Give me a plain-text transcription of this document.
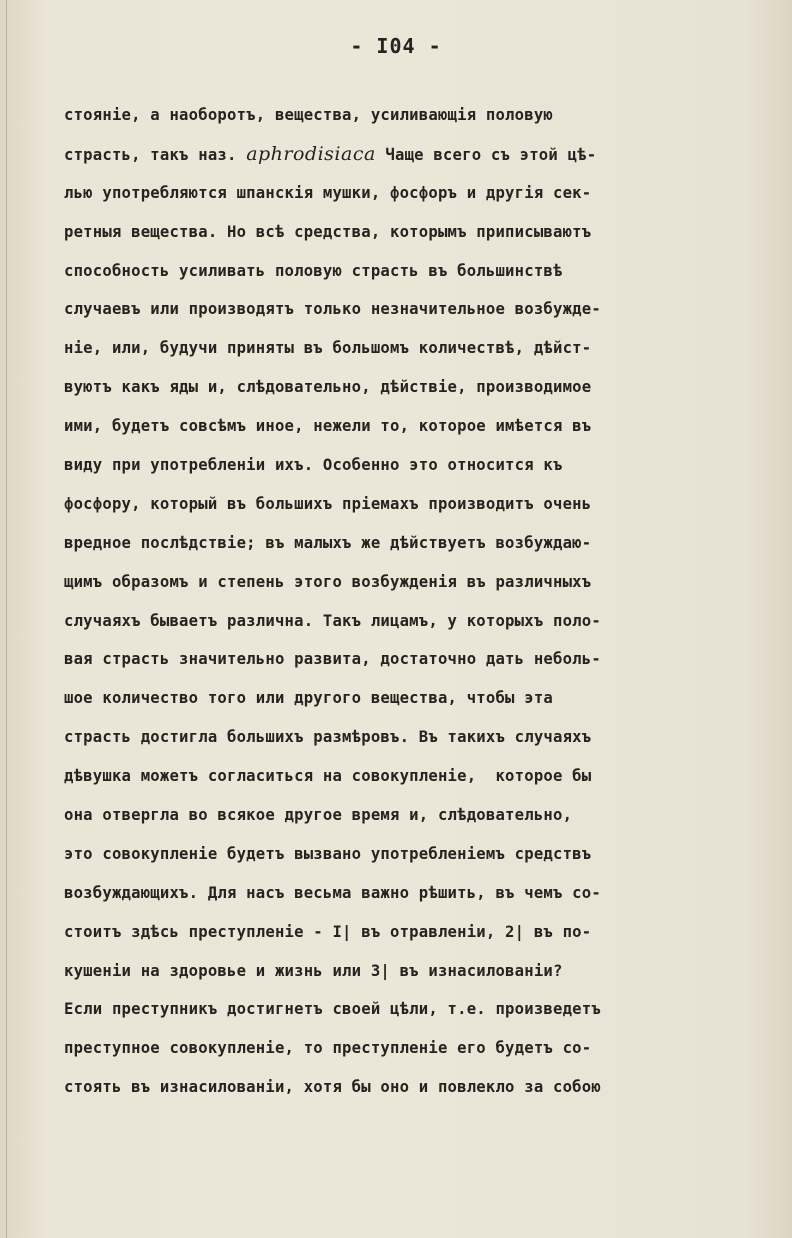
- I04 -
стояніе, а наоборотъ, вещества, усиливающія половую
страсть, такъ наз. aphrodisiaca Чаще всего съ этой цѣ-
лью употребляются шпанскія мушки, фосфоръ и другія сек-
ретныя вещества. Но всѣ средства, которымъ приписываютъ
способность усиливать половую страсть въ большинствѣ
случаевъ или производятъ только незначительное возбужде-
ніе, или, будучи приняты въ большомъ количествѣ, дѣйст-
вуютъ какъ яды и, слѣдовательно, дѣйствіе, производимое
ими, будетъ совсѣмъ иное, нежели то, которое имѣется въ
виду при употребленіи ихъ. Особенно это относится къ
фосфору, который въ большихъ пріемахъ производитъ очень
вредное послѣдствіе; въ малыхъ же дѣйствуетъ возбуждаю-
щимъ образомъ и степень этого возбужденія въ различныхъ
случаяхъ бываетъ различна. Такъ лицамъ, у которыхъ поло-
вая страсть значительно развита, достаточно дать неболь-
шое количество того или другого вещества, чтобы эта
страсть достигла большихъ размѣровъ. Въ такихъ случаяхъ
дѣвушка можетъ согласиться на совокупленіе,  которое бы
она отвергла во всякое другое время и, слѣдовательно,
это совокупленіе будетъ вызвано употребленіемъ средствъ
возбуждающихъ. Для насъ весьма важно рѣшить, въ чемъ со-
стоитъ здѣсь преступленіе - I| въ отравленіи, 2| въ по-
кушеніи на здоровье и жизнь или 3| въ изнасилованіи?
Если преступникъ достигнетъ своей цѣли, т.е. произведетъ
преступное совокупленіе, то преступленіе его будетъ со-
стоять въ изнасилованіи, хотя бы оно и повлекло за собою
